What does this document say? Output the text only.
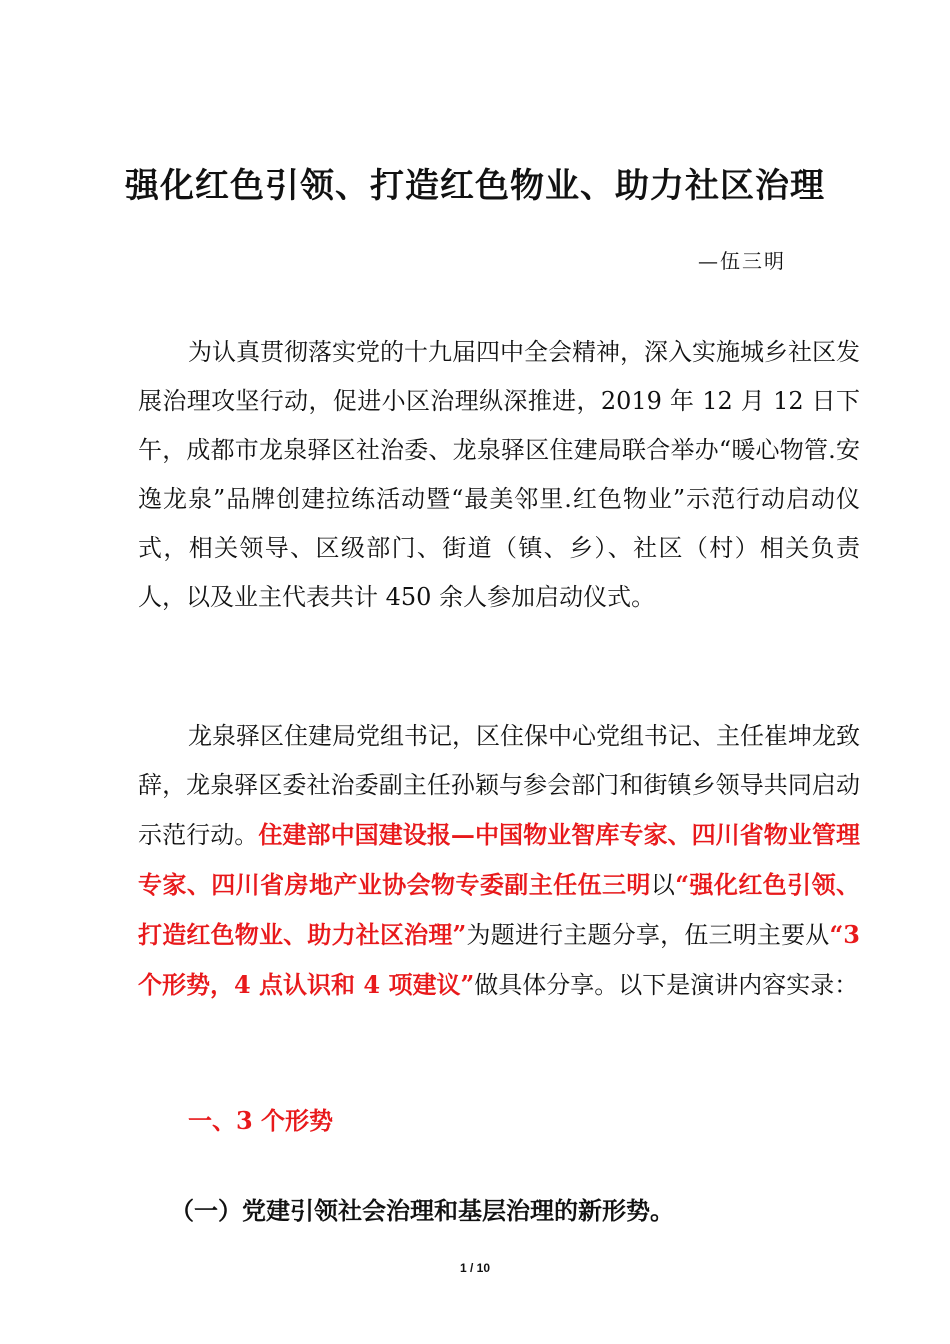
强化红色引领、打造红色物业、助力社区治理
—伍三明

为认真贯彻落实党的十九届四中全会精神，深入实施城乡社区发展治理攻坚行动，促进小区治理纵深推进，2019 年 12 月 12 日下午，成都市龙泉驿区社治委、龙泉驿区住建局联合举办“暖心物管.安逸龙泉”品牌创建拉练活动暨“最美邻里.红色物业”示范行动启动仪式，相关领导、区级部门、街道（镇、乡）、社区（村）相关负责人，以及业主代表共计 450 余人参加启动仪式。

龙泉驿区住建局党组书记，区住保中心党组书记、主任崔坤龙致辞，龙泉驿区委社治委副主任孙颖与参会部门和街镇乡领导共同启动示范行动。住建部中国建设报—中国物业智库专家、四川省物业管理专家、四川省房地产业协会物专委副主任伍三明以“强化红色引领、打造红色物业、助力社区治理”为题进行主题分享，伍三明主要从“3 个形势，4 点认识和 4 项建议”做具体分享。以下是演讲内容实录：

一、3 个形势
（一）党建引领社会治理和基层治理的新形势。
1 / 10
